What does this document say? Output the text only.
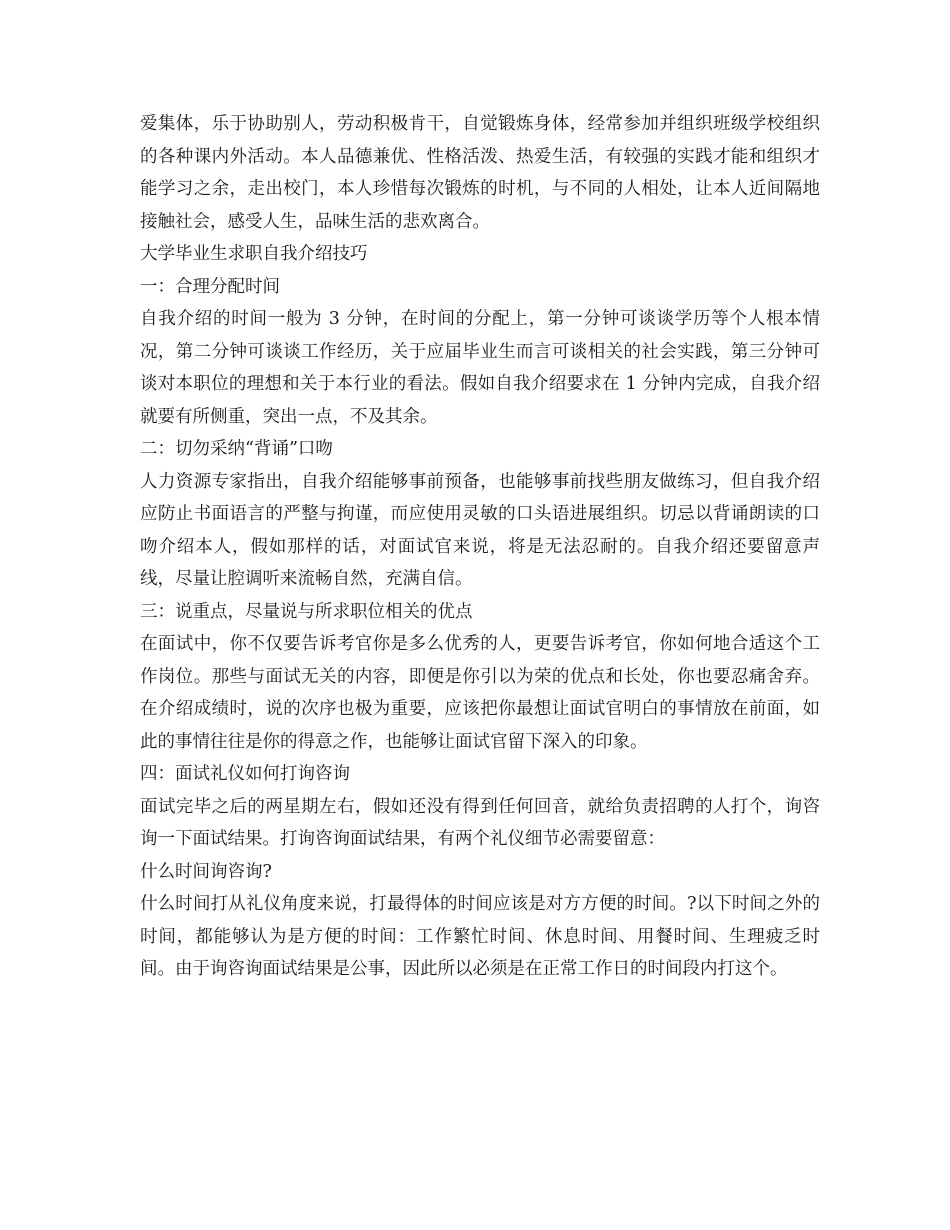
爱集体，乐于协助别人，劳动积极肯干，自觉锻炼身体，经常参加并组织班级学校组织的各种课内外活动。本人品德兼优、性格活泼、热爱生活，有较强的实践才能和组织才能学习之余，走出校门，本人珍惜每次锻炼的时机，与不同的人相处，让本人近间隔地接触社会，感受人生，品味生活的悲欢离合。

大学毕业生求职自我介绍技巧

一：合理分配时间

自我介绍的时间一般为 3 分钟，在时间的分配上，第一分钟可谈谈学历等个人根本情况，第二分钟可谈谈工作经历，关于应届毕业生而言可谈相关的社会实践，第三分钟可谈对本职位的理想和关于本行业的看法。假如自我介绍要求在 1 分钟内完成，自我介绍就要有所侧重，突出一点，不及其余。

二：切勿采纳“背诵”口吻

人力资源专家指出，自我介绍能够事前预备，也能够事前找些朋友做练习，但自我介绍应防止书面语言的严整与拘谨，而应使用灵敏的口头语进展组织。切忌以背诵朗读的口吻介绍本人，假如那样的话，对面试官来说，将是无法忍耐的。自我介绍还要留意声线，尽量让腔调听来流畅自然，充满自信。

三：说重点，尽量说与所求职位相关的优点

在面试中，你不仅要告诉考官你是多么优秀的人，更要告诉考官，你如何地合适这个工作岗位。那些与面试无关的内容，即便是你引以为荣的优点和长处，你也要忍痛舍弃。在介绍成绩时，说的次序也极为重要，应该把你最想让面试官明白的事情放在前面，如此的事情往往是你的得意之作，也能够让面试官留下深入的印象。

四：面试礼仪如何打询咨询

面试完毕之后的两星期左右，假如还没有得到任何回音，就给负责招聘的人打个，询咨询一下面试结果。打询咨询面试结果，有两个礼仪细节必需要留意：

什么时间询咨询?

什么时间打从礼仪角度来说，打最得体的时间应该是对方方便的时间。?以下时间之外的时间，都能够认为是方便的时间：工作繁忙时间、休息时间、用餐时间、生理疲乏时间。由于询咨询面试结果是公事，因此所以必须是在正常工作日的时间段内打这个。
